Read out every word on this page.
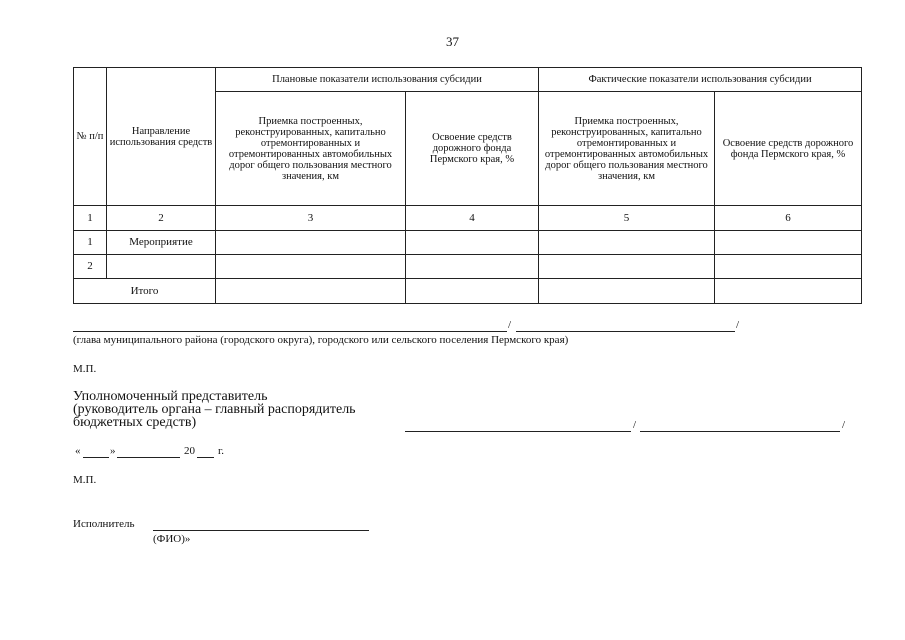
37
№ п/п	Направление использования средств	Плановые показатели использования субсидии		Фактические показатели использования субсидии	
		Приемка построенных, реконструированных, капитально отремонтированных и отремонтированных автомобильных дорог общего пользования местного значения, км	Освоение средств дорожного фонда Пермского края, %	Приемка построенных, реконструированных, капитально отремонтированных и отремонтированных автомобильных дорог общего пользования местного значения, км	Освоение средств дорожного фонда Пермского края, %
1	2	3	4	5	6
1	Мероприятие				
2					
Итого					
/	/
(глава муниципального района (городского округа), городского или сельского поселения Пермского края)
М.П.
Уполномоченный представитель
(руководитель органа – главный распорядитель
бюджетных средств)	/	/
«	»	20 г.
М.П.
Исполнитель
(ФИО)»
